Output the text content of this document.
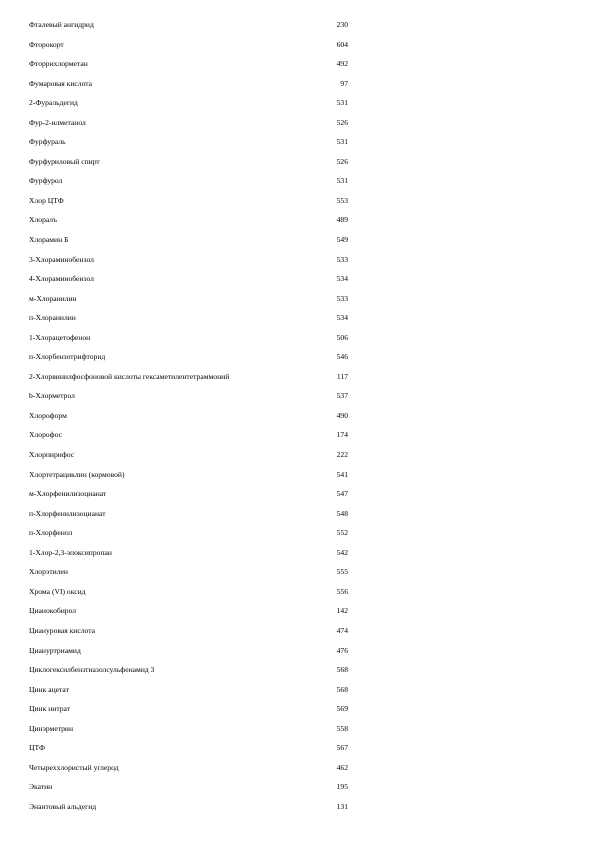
Фталевый ангидрид	230
Фторокорт	604
Фторрихлорметан	492
Фумаровая кислота	97
2-Фуральдегид	531
Фур-2-илметанол	526
Фурфураль	531
Фурфуриловый спирт	526
Фурфурол	531
Хлор ЦТФ	553
Хлоралъ	489
Хлорамин Б	549
3-Хлораминобензол	533
4-Хлораминобензол	534
м-Хлоранилин	533
п-Хлоранилин	534
1-Хлорацетофенон	506
п-Хлорбензотрифторид	546
2-Хлорвинилфосфоновой кислоты гексаметилентетраммоний	117
b-Хлорметрол	537
Хлороформ	490
Хлорофос	174
Хлорпирифос	222
Хлортетрациклин (кормовой)	541
м-Хлорфенилизоцианат	547
п-Хлорфенилизоцианат	548
п-Хлорфенол	552
1-Хлор-2,3-эпоксипропан	542
Хлорэтилен	555
Хрома (VI) оксид	556
Цианокобирол	142
Циануровая кислота	474
Циануртриамид	476
Циклогексилбензтиазолсульфенамид 3	568
Цинк ацетат	568
Цинк нитрат	569
Цинэрметрин	558
ЦТФ	567
Четыреххлористый углерод	462
Экатин	195
Энантовый альдегид	131
